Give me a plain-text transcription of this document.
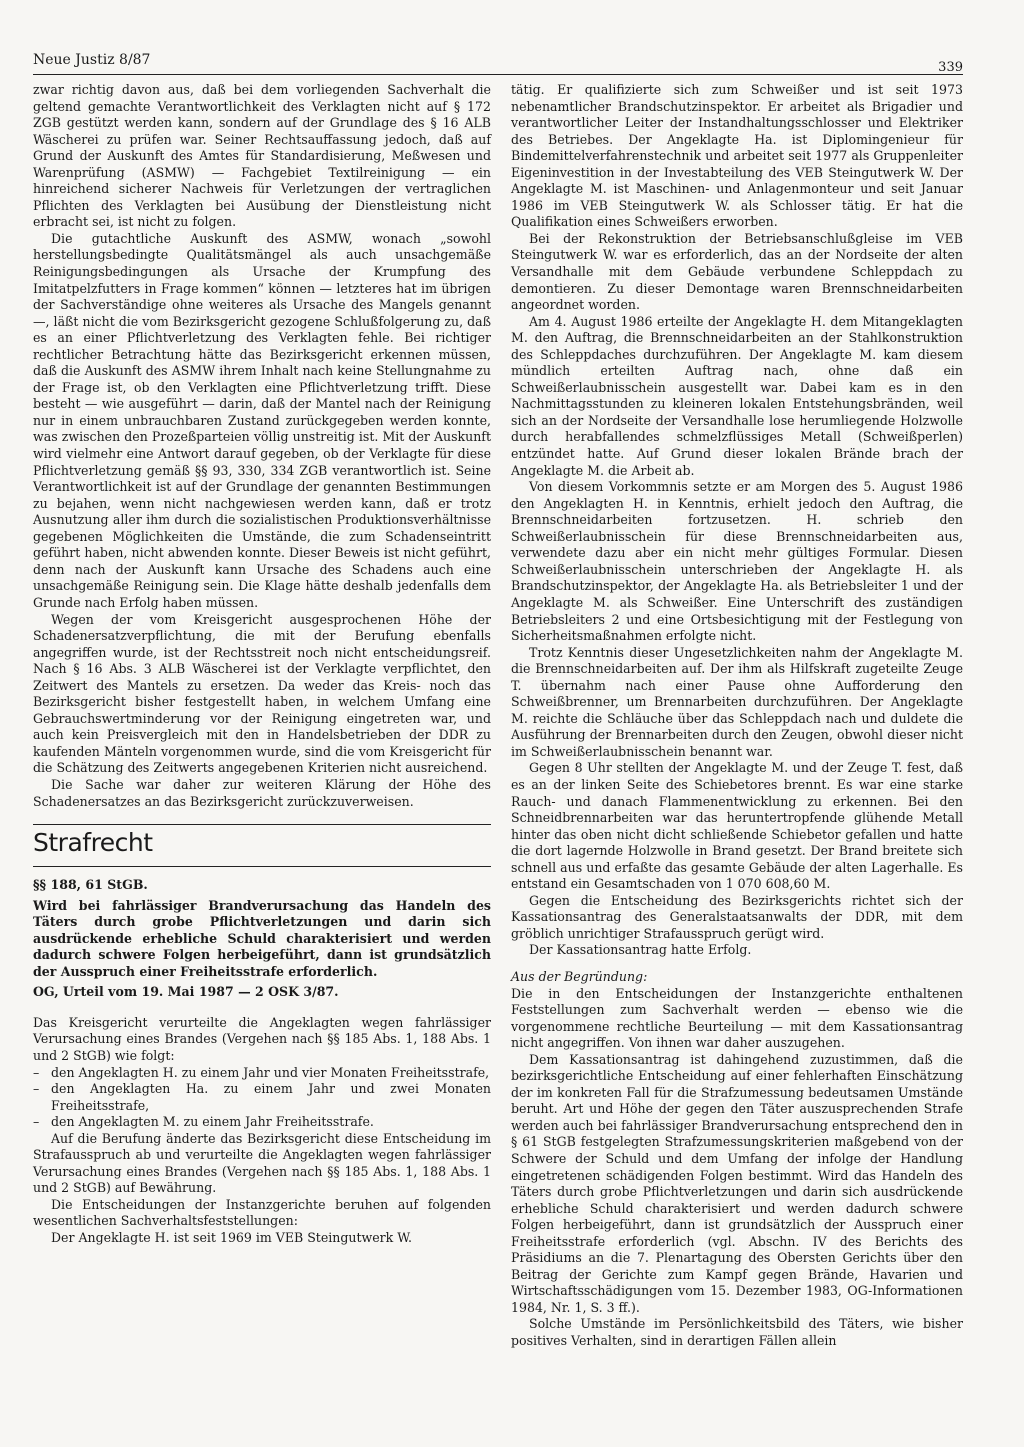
Neue Justiz 8/87	339

zwar richtig davon aus, daß bei dem vorliegenden Sachverhalt die geltend gemachte Verantwortlichkeit des Verklagten nicht auf § 172 ZGB gestützt werden kann, sondern auf der Grundlage des § 16 ALB Wäscherei zu prüfen war. Seiner Rechtsauffassung jedoch, daß auf Grund der Auskunft des Amtes für Standardisierung, Meßwesen und Warenprüfung (ASMW) — Fachgebiet Textilreinigung — ein hinreichend sicherer Nachweis für Verletzungen der vertraglichen Pflichten des Verklagten bei Ausübung der Dienstleistung nicht erbracht sei, ist nicht zu folgen.

Die gutachtliche Auskunft des ASMW, wonach „sowohl herstellungsbedingte Qualitätsmängel als auch unsachgemäße Reinigungsbedingungen als Ursache der Krumpfung des Imitatpelzfutters in Frage kommen“ können — letzteres hat im übrigen der Sachverständige ohne weiteres als Ursache des Mangels genannt —, läßt nicht die vom Bezirksgericht gezogene Schlußfolgerung zu, daß es an einer Pflichtverletzung des Verklagten fehle. Bei richtiger rechtlicher Betrachtung hätte das Bezirksgericht erkennen müssen, daß die Auskunft des ASMW ihrem Inhalt nach keine Stellungnahme zu der Frage ist, ob den Verklagten eine Pflichtverletzung trifft. Diese besteht — wie ausgeführt — darin, daß der Mantel nach der Reinigung nur in einem unbrauchbaren Zustand zurückgegeben werden konnte, was zwischen den Prozeßparteien völlig unstreitig ist. Mit der Auskunft wird vielmehr eine Antwort darauf gegeben, ob der Verklagte für diese Pflichtverletzung gemäß §§ 93, 330, 334 ZGB verantwortlich ist. Seine Verantwortlichkeit ist auf der Grundlage der genannten Bestimmungen zu bejahen, wenn nicht nachgewiesen werden kann, daß er trotz Ausnutzung aller ihm durch die sozialistischen Produktionsverhältnisse gegebenen Möglichkeiten die Umstände, die zum Schadenseintritt geführt haben, nicht abwenden konnte. Dieser Beweis ist nicht geführt, denn nach der Auskunft kann Ursache des Schadens auch eine unsachgemäße Reinigung sein. Die Klage hätte deshalb jedenfalls dem Grunde nach Erfolg haben müssen.

Wegen der vom Kreisgericht ausgesprochenen Höhe der Schadenersatzverpflichtung, die mit der Berufung ebenfalls angegriffen wurde, ist der Rechtsstreit noch nicht entscheidungsreif. Nach § 16 Abs. 3 ALB Wäscherei ist der Verklagte verpflichtet, den Zeitwert des Mantels zu ersetzen. Da weder das Kreis- noch das Bezirksgericht bisher festgestellt haben, in welchem Umfang eine Gebrauchswertminderung vor der Reinigung eingetreten war, und auch kein Preisvergleich mit den in Handelsbetrieben der DDR zu kaufenden Mänteln vorgenommen wurde, sind die vom Kreisgericht für die Schätzung des Zeitwerts angegebenen Kriterien nicht ausreichend.

Die Sache war daher zur weiteren Klärung der Höhe des Schadenersatzes an das Bezirksgericht zurückzuverweisen.

Strafrecht

§§ 188, 61 StGB.

Wird bei fahrlässiger Brandverursachung das Handeln des Täters durch grobe Pflichtverletzungen und darin sich ausdrückende erhebliche Schuld charakterisiert und werden dadurch schwere Folgen herbeigeführt, dann ist grundsätzlich der Ausspruch einer Freiheitsstrafe erforderlich.

OG, Urteil vom 19. Mai 1987 — 2 OSK 3/87.

Das Kreisgericht verurteilte die Angeklagten wegen fahrlässiger Verursachung eines Brandes (Vergehen nach §§ 185 Abs. 1, 188 Abs. 1 und 2 StGB) wie folgt:

– den Angeklagten H. zu einem Jahr und vier Monaten Freiheitsstrafe,
– den Angeklagten Ha. zu einem Jahr und zwei Monaten Freiheitsstrafe,
– den Angeklagten M. zu einem Jahr Freiheitsstrafe.

Auf die Berufung änderte das Bezirksgericht diese Entscheidung im Strafausspruch ab und verurteilte die Angeklagten wegen fahrlässiger Verursachung eines Brandes (Vergehen nach §§ 185 Abs. 1, 188 Abs. 1 und 2 StGB) auf Bewährung.

Die Entscheidungen der Instanzgerichte beruhen auf folgenden wesentlichen Sachverhaltsfeststellungen:

Der Angeklagte H. ist seit 1969 im VEB Steingutwerk W.

tätig. Er qualifizierte sich zum Schweißer und ist seit 1973 nebenamtlicher Brandschutzinspektor. Er arbeitet als Brigadier und verantwortlicher Leiter der Instandhaltungsschlosser und Elektriker des Betriebes. Der Angeklagte Ha. ist Diplomingenieur für Bindemittelverfahrenstechnik und arbeitet seit 1977 als Gruppenleiter Eigeninvestition in der Investabteilung des VEB Steingutwerk W. Der Angeklagte M. ist Maschinen- und Anlagenmonteur und seit Januar 1986 im VEB Steingutwerk W. als Schlosser tätig. Er hat die Qualifikation eines Schweißers erworben.

Bei der Rekonstruktion der Betriebsanschlußgleise im VEB Steingutwerk W. war es erforderlich, das an der Nordseite der alten Versandhalle mit dem Gebäude verbundene Schleppdach zu demontieren. Zu dieser Demontage waren Brennschneidarbeiten angeordnet worden.

Am 4. August 1986 erteilte der Angeklagte H. dem Mitangeklagten M. den Auftrag, die Brennschneidarbeiten an der Stahlkonstruktion des Schleppdaches durchzuführen. Der Angeklagte M. kam diesem mündlich erteilten Auftrag nach, ohne daß ein Schweißerlaubnisschein ausgestellt war. Dabei kam es in den Nachmittagsstunden zu kleineren lokalen Entstehungsbränden, weil sich an der Nordseite der Versandhalle lose herumliegende Holzwolle durch herabfallendes schmelzflüssiges Metall (Schweißperlen) entzündet hatte. Auf Grund dieser lokalen Brände brach der Angeklagte M. die Arbeit ab.

Von diesem Vorkommnis setzte er am Morgen des 5. August 1986 den Angeklagten H. in Kenntnis, erhielt jedoch den Auftrag, die Brennschneidarbeiten fortzusetzen. H. schrieb den Schweißerlaubnisschein für diese Brennschneidarbeiten aus, verwendete dazu aber ein nicht mehr gültiges Formular. Diesen Schweißerlaubnisschein unterschrieben der Angeklagte H. als Brandschutzinspektor, der Angeklagte Ha. als Betriebsleiter 1 und der Angeklagte M. als Schweißer. Eine Unterschrift des zuständigen Betriebsleiters 2 und eine Ortsbesichtigung mit der Festlegung von Sicherheitsmaßnahmen erfolgte nicht.

Trotz Kenntnis dieser Ungesetzlichkeiten nahm der Angeklagte M. die Brennschneidarbeiten auf. Der ihm als Hilfskraft zugeteilte Zeuge T. übernahm nach einer Pause ohne Aufforderung den Schweißbrenner, um Brennarbeiten durchzuführen. Der Angeklagte M. reichte die Schläuche über das Schleppdach nach und duldete die Ausführung der Brennarbeiten durch den Zeugen, obwohl dieser nicht im Schweißerlaubnisschein benannt war.

Gegen 8 Uhr stellten der Angeklagte M. und der Zeuge T. fest, daß es an der linken Seite des Schiebetores brennt. Es war eine starke Rauch- und danach Flammenentwicklung zu erkennen. Bei den Schneidbrennarbeiten war das heruntertropfende glühende Metall hinter das oben nicht dicht schließende Schiebetor gefallen und hatte die dort lagernde Holzwolle in Brand gesetzt. Der Brand breitete sich schnell aus und erfaßte das gesamte Gebäude der alten Lagerhalle. Es entstand ein Gesamtschaden von 1 070 608,60 M.

Gegen die Entscheidung des Bezirksgerichts richtet sich der Kassationsantrag des Generalstaatsanwalts der DDR, mit dem gröblich unrichtiger Strafausspruch gerügt wird.

Der Kassationsantrag hatte Erfolg.

Aus der Begründung:

Die in den Entscheidungen der Instanzgerichte enthaltenen Feststellungen zum Sachverhalt werden — ebenso wie die vorgenommene rechtliche Beurteilung — mit dem Kassationsantrag nicht angegriffen. Von ihnen war daher auszugehen.

Dem Kassationsantrag ist dahingehend zuzustimmen, daß die bezirksgerichtliche Entscheidung auf einer fehlerhaften Einschätzung der im konkreten Fall für die Strafzumessung bedeutsamen Umstände beruht. Art und Höhe der gegen den Täter auszusprechenden Strafe werden auch bei fahrlässiger Brandverursachung entsprechend den in § 61 StGB festgelegten Strafzumessungskriterien maßgebend von der Schwere der Schuld und dem Umfang der infolge der Handlung eingetretenen schädigenden Folgen bestimmt. Wird das Handeln des Täters durch grobe Pflichtverletzungen und darin sich ausdrückende erhebliche Schuld charakterisiert und werden dadurch schwere Folgen herbeigeführt, dann ist grundsätzlich der Ausspruch einer Freiheitsstrafe erforderlich (vgl. Abschn. IV des Berichts des Präsidiums an die 7. Plenartagung des Obersten Gerichts über den Beitrag der Gerichte zum Kampf gegen Brände, Havarien und Wirtschaftsschädigungen vom 15. Dezember 1983, OG-Informationen 1984, Nr. 1, S. 3 ff.).

Solche Umstände im Persönlichkeitsbild des Täters, wie bisher positives Verhalten, sind in derartigen Fällen allein
